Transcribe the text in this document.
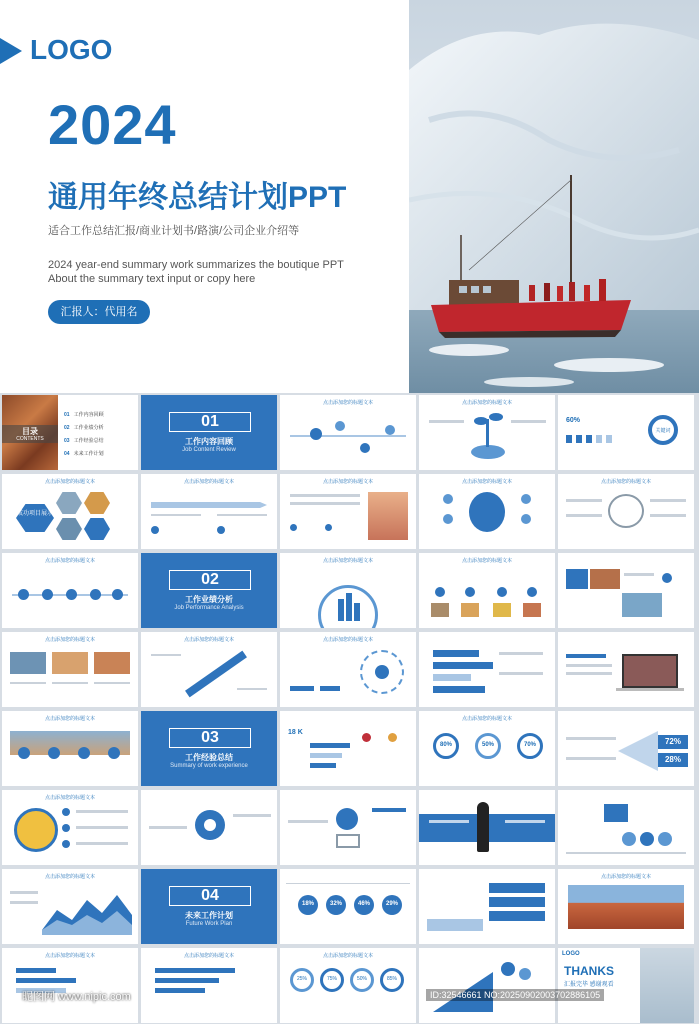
LOGO
2024
通用年终总结计划PPT
适合工作总结汇报/商业计划书/路演/公司企业介绍等
2024 year-end summary work summarizes the boutique PPT
About the summary text input or copy here
汇报人：代用名
目录
CONTENTS
01 工作内容回顾
02 工作业绩分析
03 工作经验总结
04 未来工作计划
01
工作内容回顾
Job Content Review
点击添加您的标题文本	点击添加您的标题文本
60%
关键词
点击添加您的标题文本
成功项目展示
点击添加您的标题文本	点击添加您的标题文本	点击添加您的标题文本	点击添加您的标题文本
点击添加您的标题文本
02
工作业绩分析
Job Performance Analysis
点击添加您的标题文本	点击添加您的标题文本
点击添加您的标题文本	点击添加您的标题文本	点击添加您的标题文本
点击添加您的标题文本
03
工作经验总结
Summary of work experience
18 K
点击添加您的标题文本
80%	50%	70%	72%
28%
点击添加您的标题文本
点击添加您的标题文本
04
未来工作计划
Future Work Plan
18%	32%	46%	29%
点击添加您的标题文本
点击添加您的标题文本	点击添加您的标题文本	点击添加您的标题文本
25%	75%	50%	85%
LOGO
THANKS
汇报完毕 感谢观看
昵图网 www.nipic.com	ID:32546661 NO:20250902003702886105
